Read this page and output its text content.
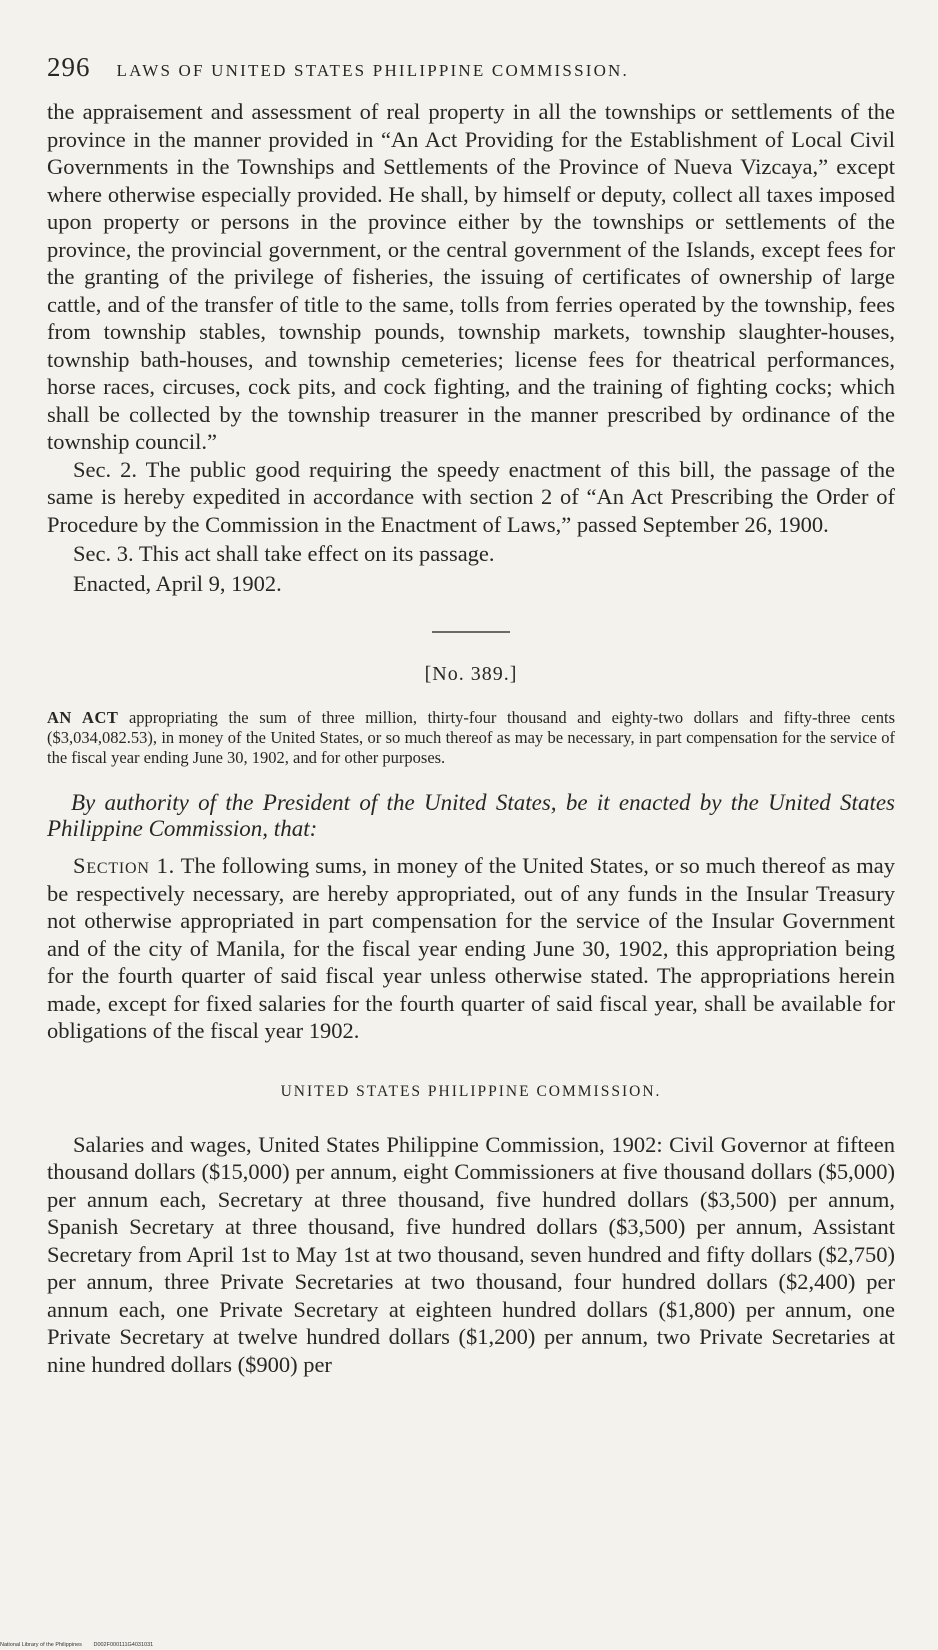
296 LAWS OF UNITED STATES PHILIPPINE COMMISSION.

the appraisement and assessment of real property in all the townships or settlements of the province in the manner provided in “An Act Providing for the Establishment of Local Civil Governments in the Townships and Settlements of the Province of Nueva Vizcaya,” except where otherwise especially provided. He shall, by himself or deputy, collect all taxes imposed upon property or persons in the province either by the townships or settlements of the province, the provincial government, or the central government of the Islands, except fees for the granting of the privilege of fisheries, the issuing of certificates of ownership of large cattle, and of the transfer of title to the same, tolls from ferries operated by the township, fees from township stables, township pounds, township markets, township slaughter-houses, township bath-houses, and township cemeteries; license fees for theatrical performances, horse races, circuses, cock pits, and cock fighting, and the training of fighting cocks; which shall be collected by the township treasurer in the manner prescribed by ordinance of the township council.”

Sec. 2. The public good requiring the speedy enactment of this bill, the passage of the same is hereby expedited in accordance with section 2 of “An Act Prescribing the Order of Procedure by the Commission in the Enactment of Laws,” passed September 26, 1900.

Sec. 3. This act shall take effect on its passage.

Enacted, April 9, 1902.

[No. 389.]
AN ACT appropriating the sum of three million, thirty-four thousand and eighty-two dollars and fifty-three cents ($3,034,082.53), in money of the United States, or so much thereof as may be necessary, in part compensation for the service of the fiscal year ending June 30, 1902, and for other purposes.

By authority of the President of the United States, be it enacted by the United States Philippine Commission, that:

Section 1. The following sums, in money of the United States, or so much thereof as may be respectively necessary, are hereby appropriated, out of any funds in the Insular Treasury not otherwise appropriated in part compensation for the service of the Insular Government and of the city of Manila, for the fiscal year ending June 30, 1902, this appropriation being for the fourth quarter of said fiscal year unless otherwise stated. The appropriations herein made, except for fixed salaries for the fourth quarter of said fiscal year, shall be available for obligations of the fiscal year 1902.

UNITED STATES PHILIPPINE COMMISSION.

Salaries and wages, United States Philippine Commission, 1902: Civil Governor at fifteen thousand dollars ($15,000) per annum, eight Commissioners at five thousand dollars ($5,000) per annum each, Secretary at three thousand, five hundred dollars ($3,500) per annum, Spanish Secretary at three thousand, five hundred dollars ($3,500) per annum, Assistant Secretary from April 1st to May 1st at two thousand, seven hundred and fifty dollars ($2,750) per annum, three Private Secretaries at two thousand, four hundred dollars ($2,400) per annum each, one Private Secretary at eighteen hundred dollars ($1,800) per annum, one Private Secretary at twelve hundred dollars ($1,200) per annum, two Private Secretaries at nine hundred dollars ($900) per

National Library of the Philippines D002F000111G4031031
